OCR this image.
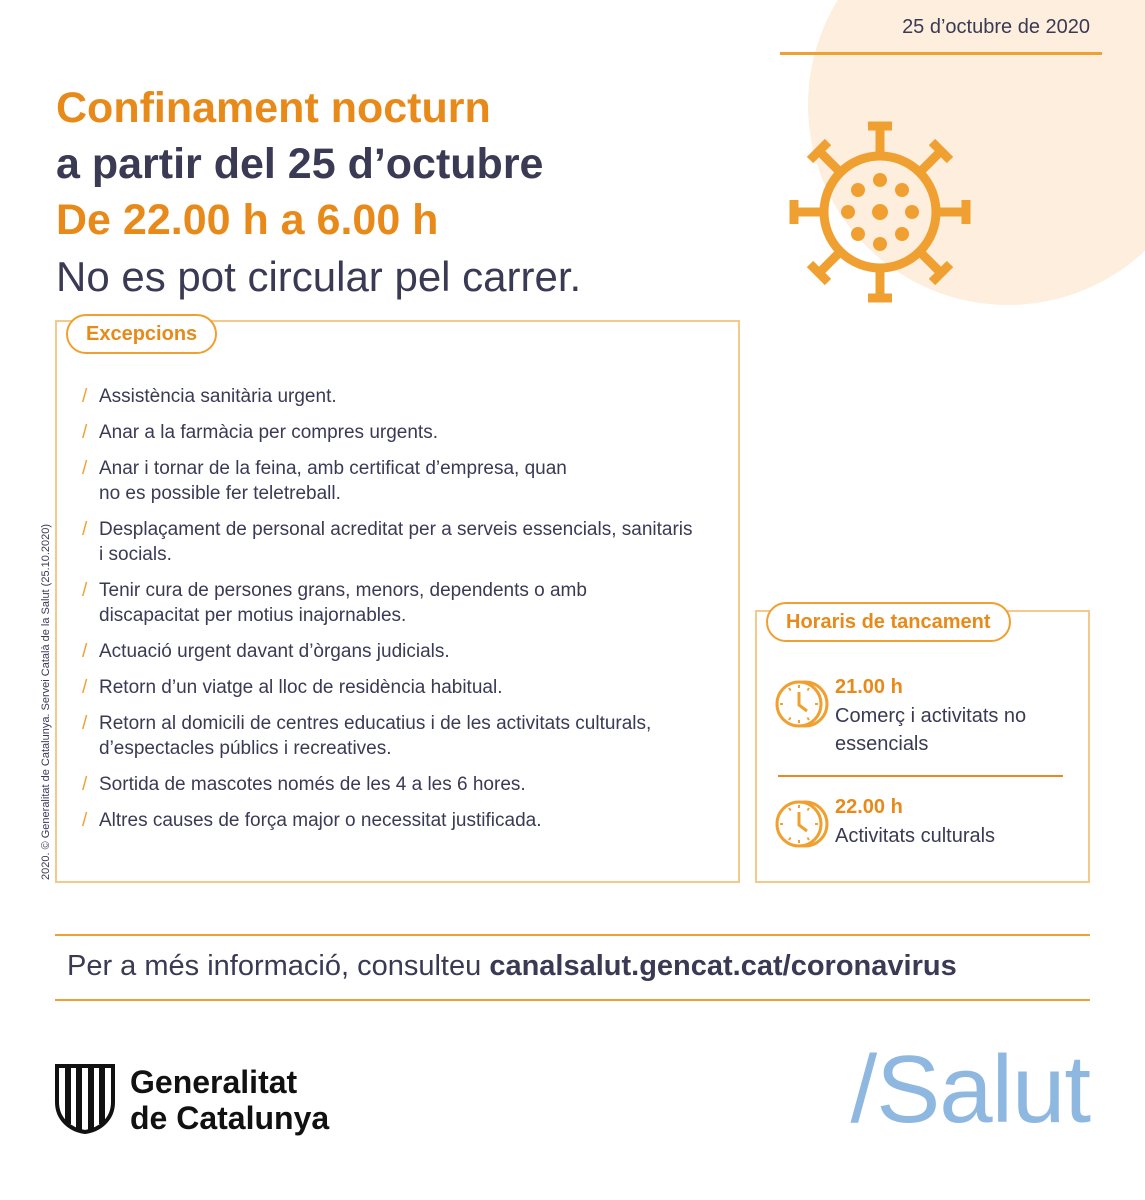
25 d’octubre de 2020
Confinament nocturn
a partir del 25 d’octubre
De 22.00 h a 6.00 h
No es pot circular pel carrer.
Excepcions
/ Assistència sanitària urgent.
/ Anar a la farmàcia per compres urgents.
/ Anar i tornar de la feina, amb certificat d’empresa, quan no es possible fer teletreball.
/ Desplaçament de personal acreditat per a serveis essencials, sanitaris i socials.
/ Tenir cura de persones grans, menors, dependents o amb discapacitat per motius inajornables.
/ Actuació urgent davant d’òrgans judicials.
/ Retorn d’un viatge al lloc de residència habitual.
/ Retorn al domicili de centres educatius i de les activitats culturals, d’espectacles públics i recreatives.
/ Sortida de mascotes només de les 4 a les 6 hores.
/ Altres causes de força major o necessitat justificada.
Horaris de tancament
21.00 h
Comerç i activitats no essencials
22.00 h
Activitats culturals
2020. © Generalitat de Catalunya. Servei Català de la Salut (25.10.2020)
Per a més informació, consulteu canalsalut.gencat.cat/coronavirus
Generalitat
de Catalunya	/Salut
